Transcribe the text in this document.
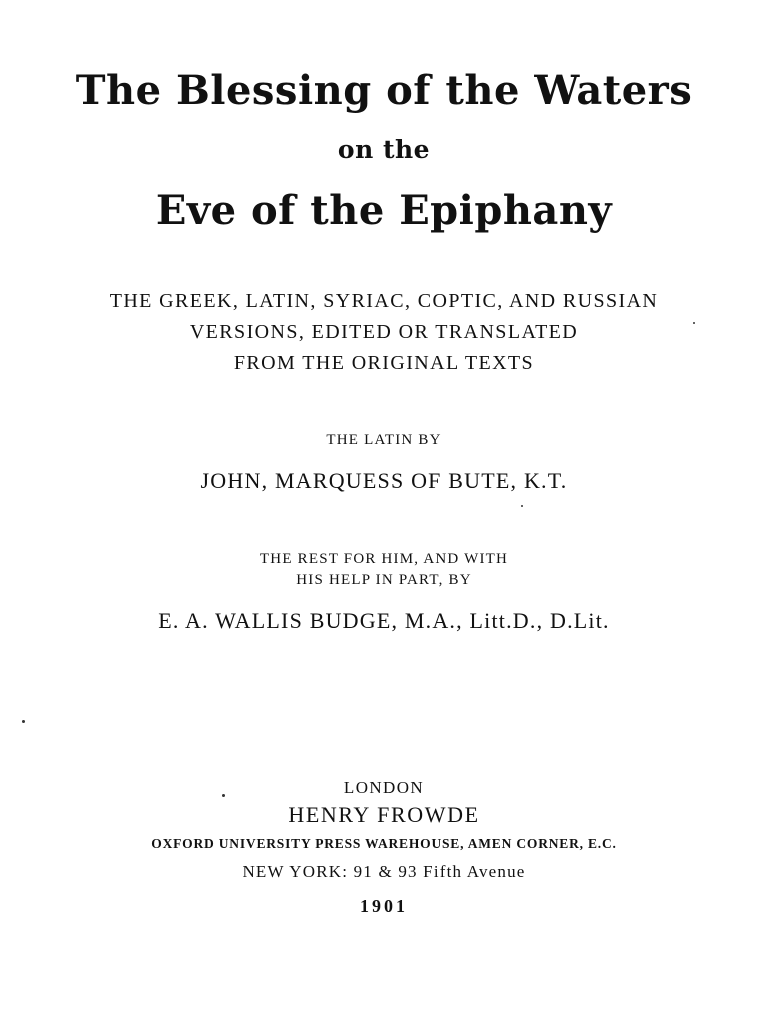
The Blessing of the Waters
on the
Eve of the Epiphany
THE GREEK, LATIN, SYRIAC, COPTIC, AND RUSSIAN
VERSIONS, EDITED OR TRANSLATED
FROM THE ORIGINAL TEXTS
THE LATIN BY
JOHN, MARQUESS OF BUTE, K.T.
THE REST FOR HIM, AND WITH
HIS HELP IN PART, BY
E. A. WALLIS BUDGE, M.A., Litt.D., D.Lit.
LONDON
HENRY FROWDE
OXFORD UNIVERSITY PRESS WAREHOUSE, AMEN CORNER, E.C.
NEW YORK: 91 & 93 Fifth Avenue
1901
